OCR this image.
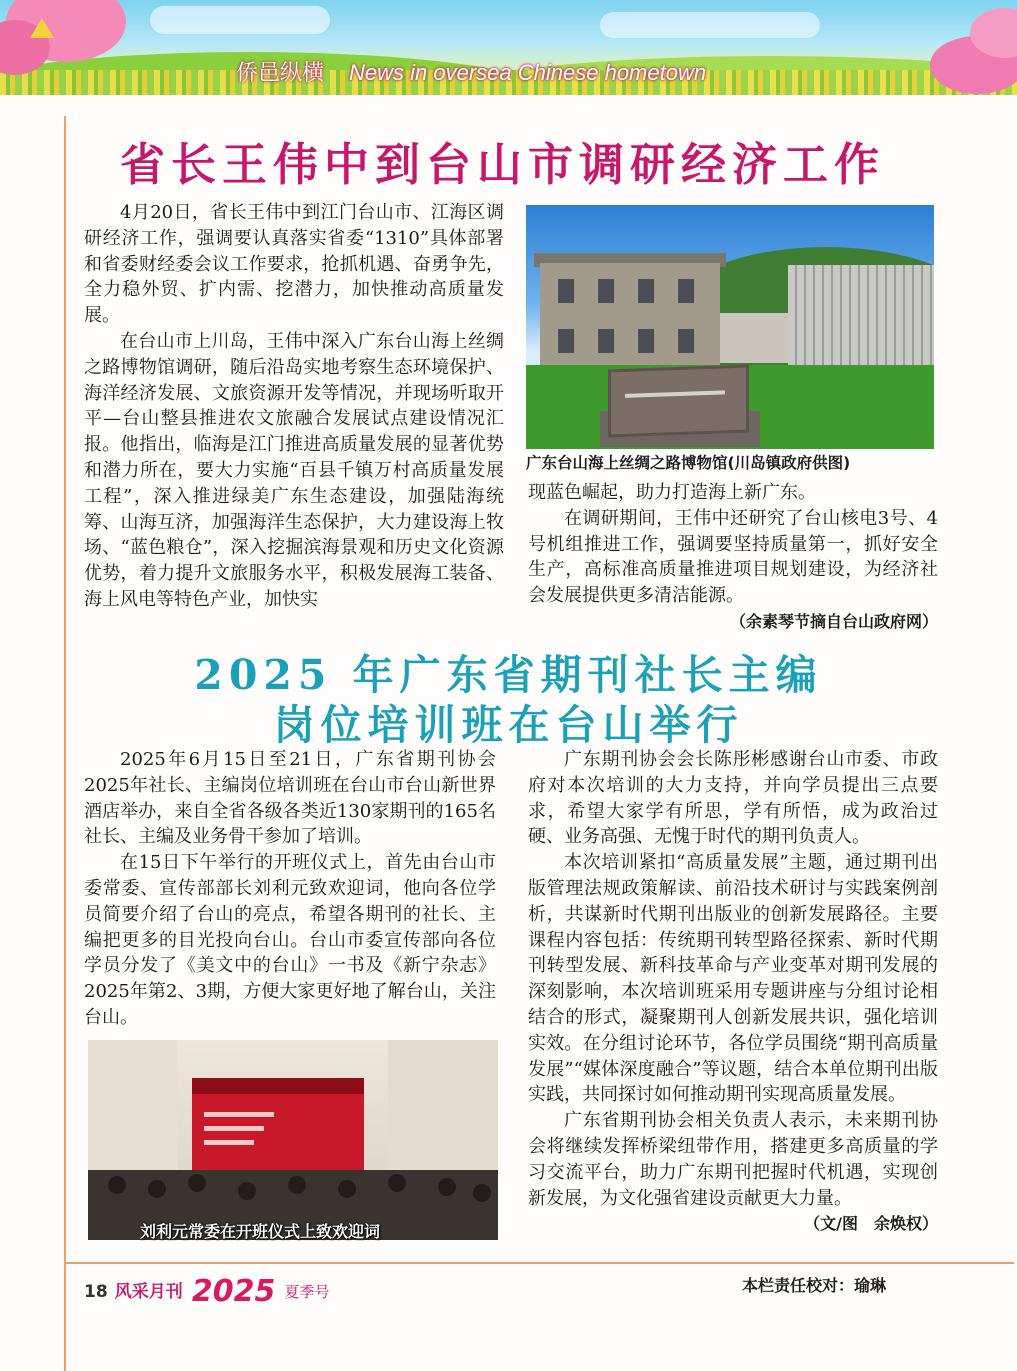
侨邑纵横 News in oversea Chinese hometown
省长王伟中到台山市调研经济工作

4月20日，省长王伟中到江门台山市、江海区调研经济工作，强调要认真落实省委“1310”具体部署和省委财经委会议工作要求，抢抓机遇、奋勇争先，全力稳外贸、扩内需、挖潜力，加快推动高质量发展。

在台山市上川岛，王伟中深入广东台山海上丝绸之路博物馆调研，随后沿岛实地考察生态环境保护、海洋经济发展、文旅资源开发等情况，并现场听取开平—台山整县推进农文旅融合发展试点建设情况汇报。他指出，临海是江门推进高质量发展的显著优势和潜力所在，要大力实施“百县千镇万村高质量发展工程”，深入推进绿美广东生态建设，加强陆海统筹、山海互济，加强海洋生态保护，大力建设海上牧场、“蓝色粮仓”，深入挖掘滨海景观和历史文化资源优势，着力提升文旅服务水平，积极发展海工装备、海上风电等特色产业，加快实

广东台山海上丝绸之路博物馆(川岛镇政府供图)

现蓝色崛起，助力打造海上新广东。

在调研期间，王伟中还研究了台山核电3号、4号机组推进工作，强调要坚持质量第一，抓好安全生产，高标准高质量推进项目规划建设，为经济社会发展提供更多清洁能源。

（余素琴节摘自台山政府网）
2025 年广东省期刊社长主编
岗位培训班在台山举行

2025年6月15日至21日，广东省期刊协会2025年社长、主编岗位培训班在台山市台山新世界酒店举办，来自全省各级各类近130家期刊的165名社长、主编及业务骨干参加了培训。

在15日下午举行的开班仪式上，首先由台山市委常委、宣传部部长刘利元致欢迎词，他向各位学员简要介绍了台山的亮点，希望各期刊的社长、主编把更多的目光投向台山。台山市委宣传部向各位学员分发了《美文中的台山》一书及《新宁杂志》2025年第2、3期，方便大家更好地了解台山，关注台山。

刘利元常委在开班仪式上致欢迎词

广东期刊协会会长陈彤彬感谢台山市委、市政府对本次培训的大力支持，并向学员提出三点要求，希望大家学有所思，学有所悟，成为政治过硬、业务高强、无愧于时代的期刊负责人。

本次培训紧扣“高质量发展”主题，通过期刊出版管理法规政策解读、前沿技术研讨与实践案例剖析，共谋新时代期刊出版业的创新发展路径。主要课程内容包括：传统期刊转型路径探索、新时代期刊转型发展、新科技革命与产业变革对期刊发展的深刻影响，本次培训班采用专题讲座与分组讨论相结合的形式，凝聚期刊人创新发展共识，强化培训实效。在分组讨论环节，各位学员围绕“期刊高质量发展”“媒体深度融合”等议题，结合本单位期刊出版实践，共同探讨如何推动期刊实现高质量发展。

广东省期刊协会相关负责人表示，未来期刊协会将继续发挥桥梁纽带作用，搭建更多高质量的学习交流平台，助力广东期刊把握时代机遇，实现创新发展，为文化强省建设贡献更大力量。

（文/图　余焕权）
18 风采月刊 2025 夏季号	本栏责任校对：瑜琳
